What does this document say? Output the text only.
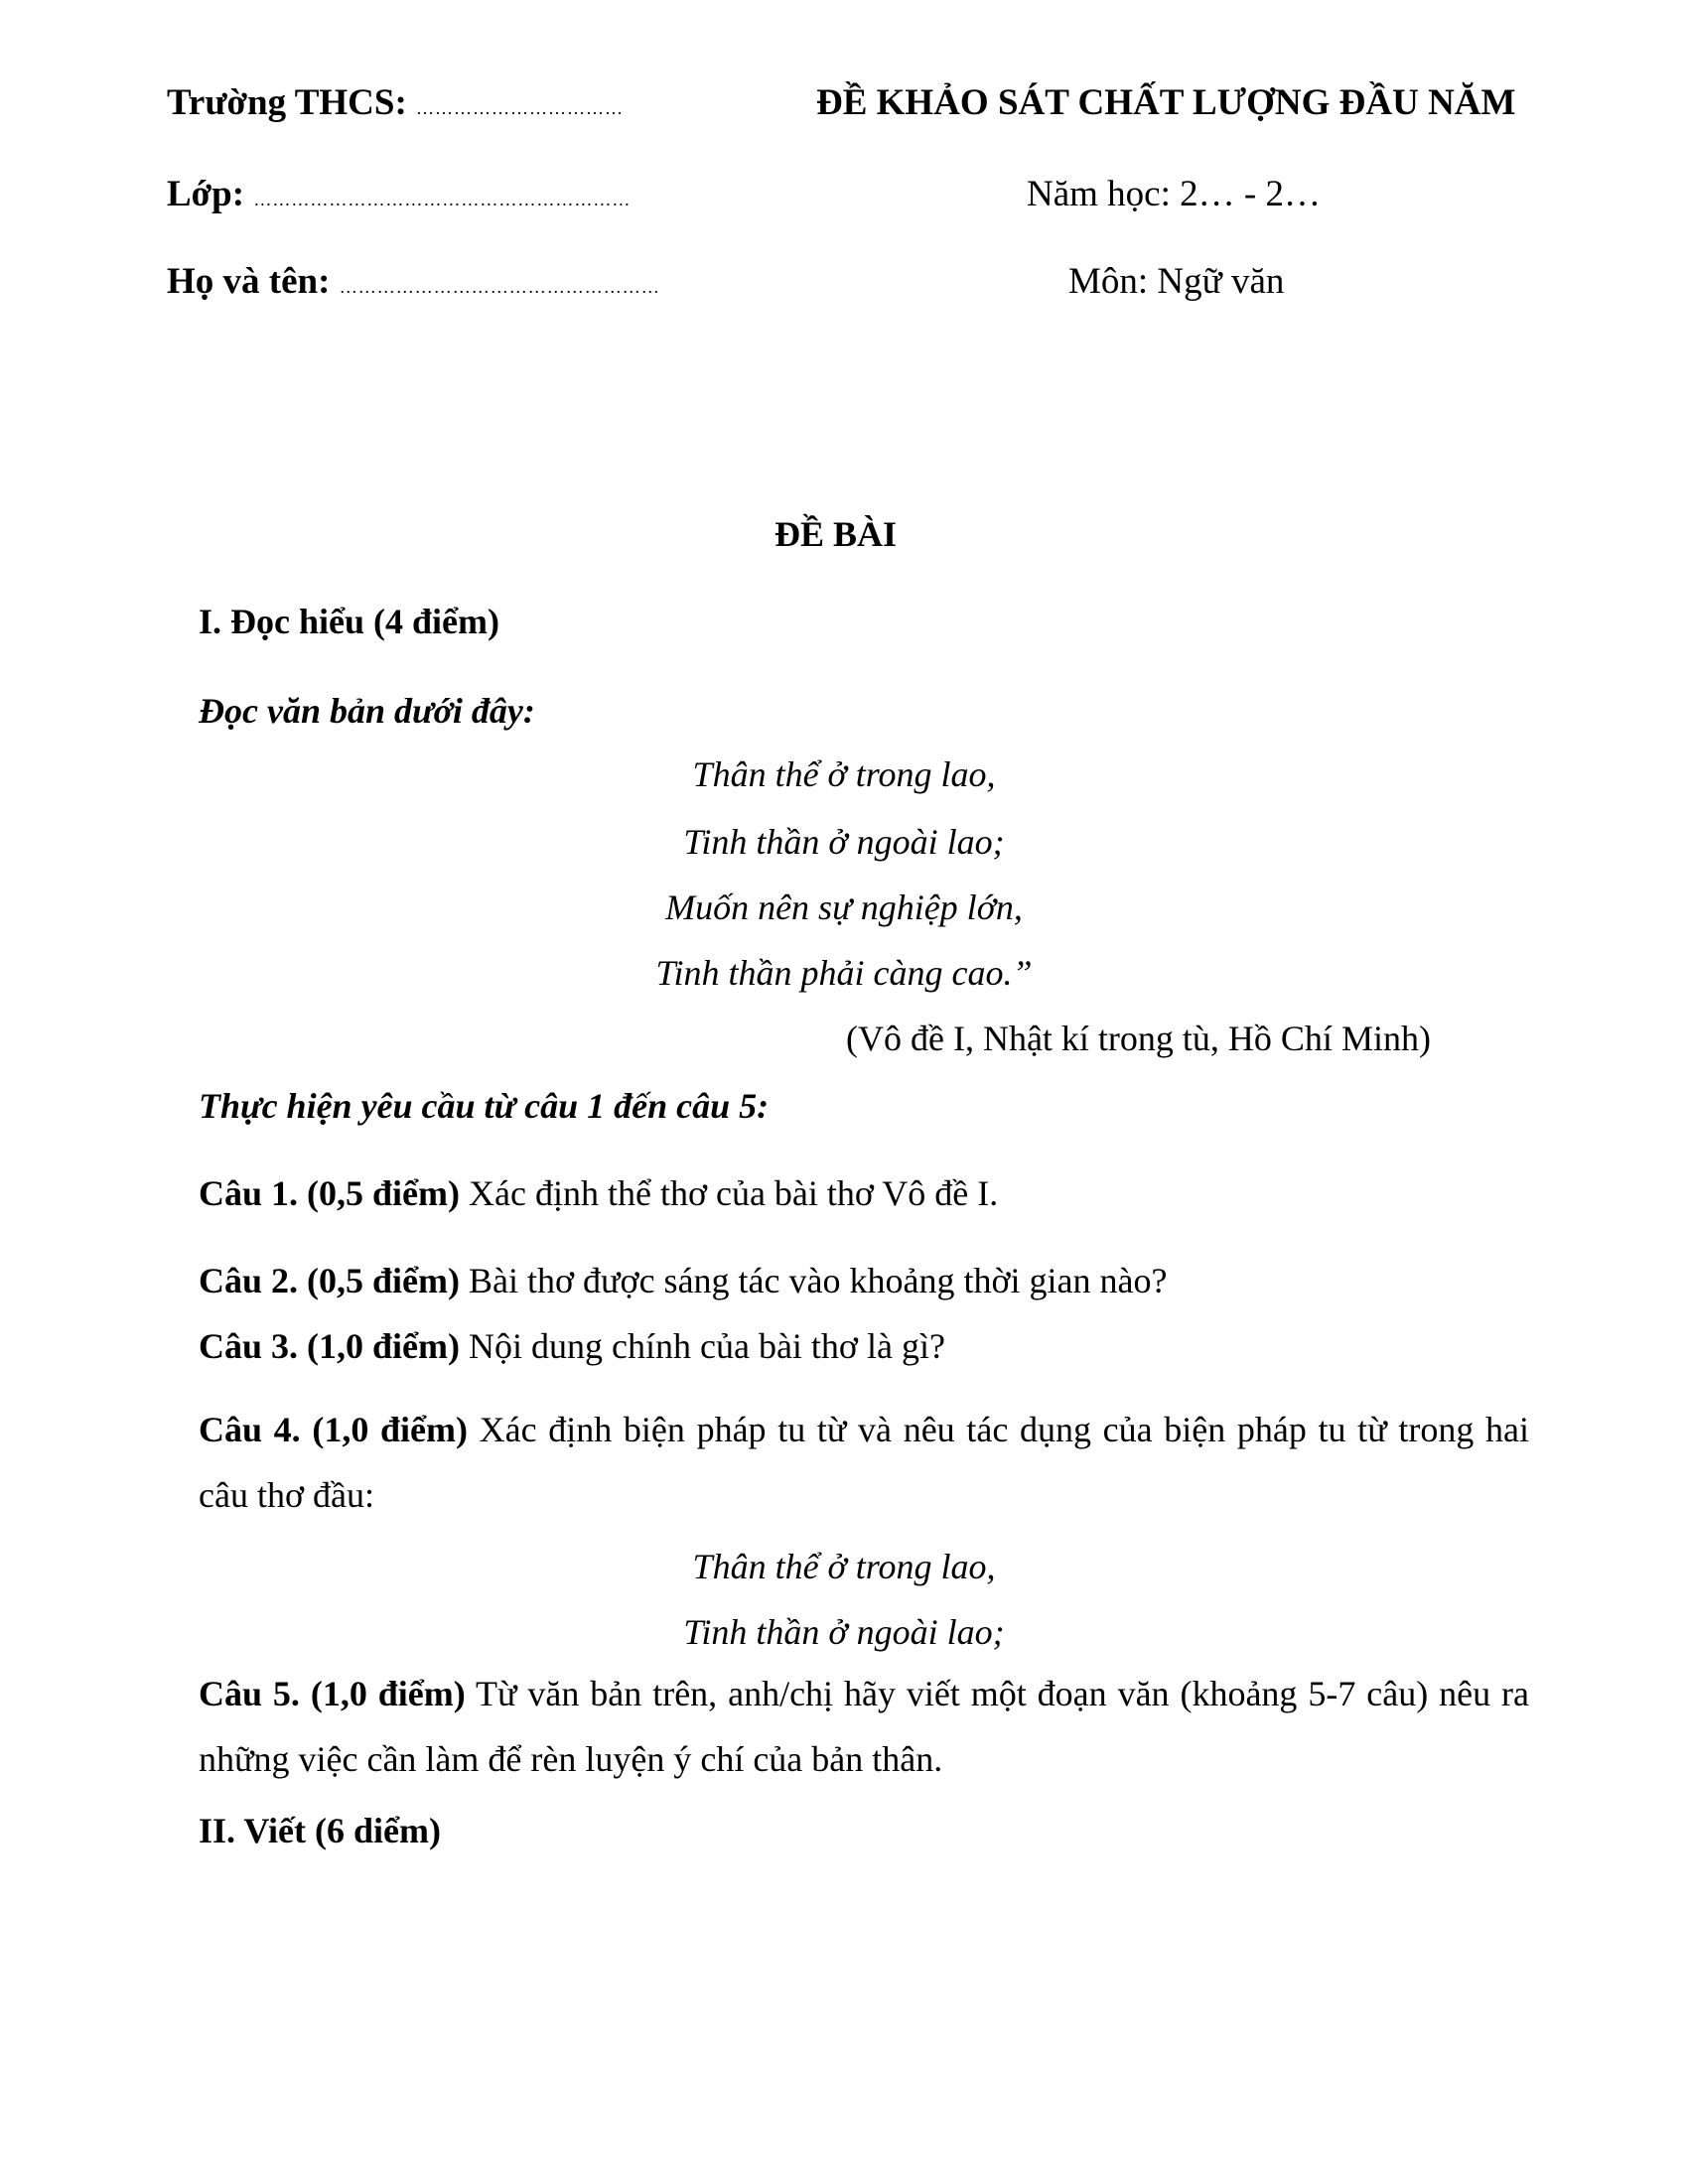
Trường THCS: ……………………………
Lớp: ……………………………………………………
Họ và tên: ……………………………………………
ĐỀ KHẢO SÁT CHẤT LƯỢNG ĐẦU NĂM
Năm học: 2… - 2…
Môn: Ngữ văn
ĐỀ BÀI
I. Đọc hiểu (4 điểm)
Đọc văn bản dưới đây:
Thân thể ở trong lao,
Tinh thần ở ngoài lao;
Muốn nên sự nghiệp lớn,
Tinh thần phải càng cao.”
(Vô đề I, Nhật kí trong tù, Hồ Chí Minh)
Thực hiện yêu cầu từ câu 1 đến câu 5:
Câu 1. (0,5 điểm) Xác định thể thơ của bài thơ Vô đề I.
Câu 2. (0,5 điểm) Bài thơ được sáng tác vào khoảng thời gian nào?
Câu 3. (1,0 điểm) Nội dung chính của bài thơ là gì?
Câu 4. (1,0 điểm) Xác định biện pháp tu từ và nêu tác dụng của biện pháp tu từ trong hai câu thơ đầu:
Thân thể ở trong lao,
Tinh thần ở ngoài lao;
Câu 5. (1,0 điểm) Từ văn bản trên, anh/chị hãy viết một đoạn văn (khoảng 5-7 câu) nêu ra những việc cần làm để rèn luyện ý chí của bản thân.
II. Viết (6 diểm)
